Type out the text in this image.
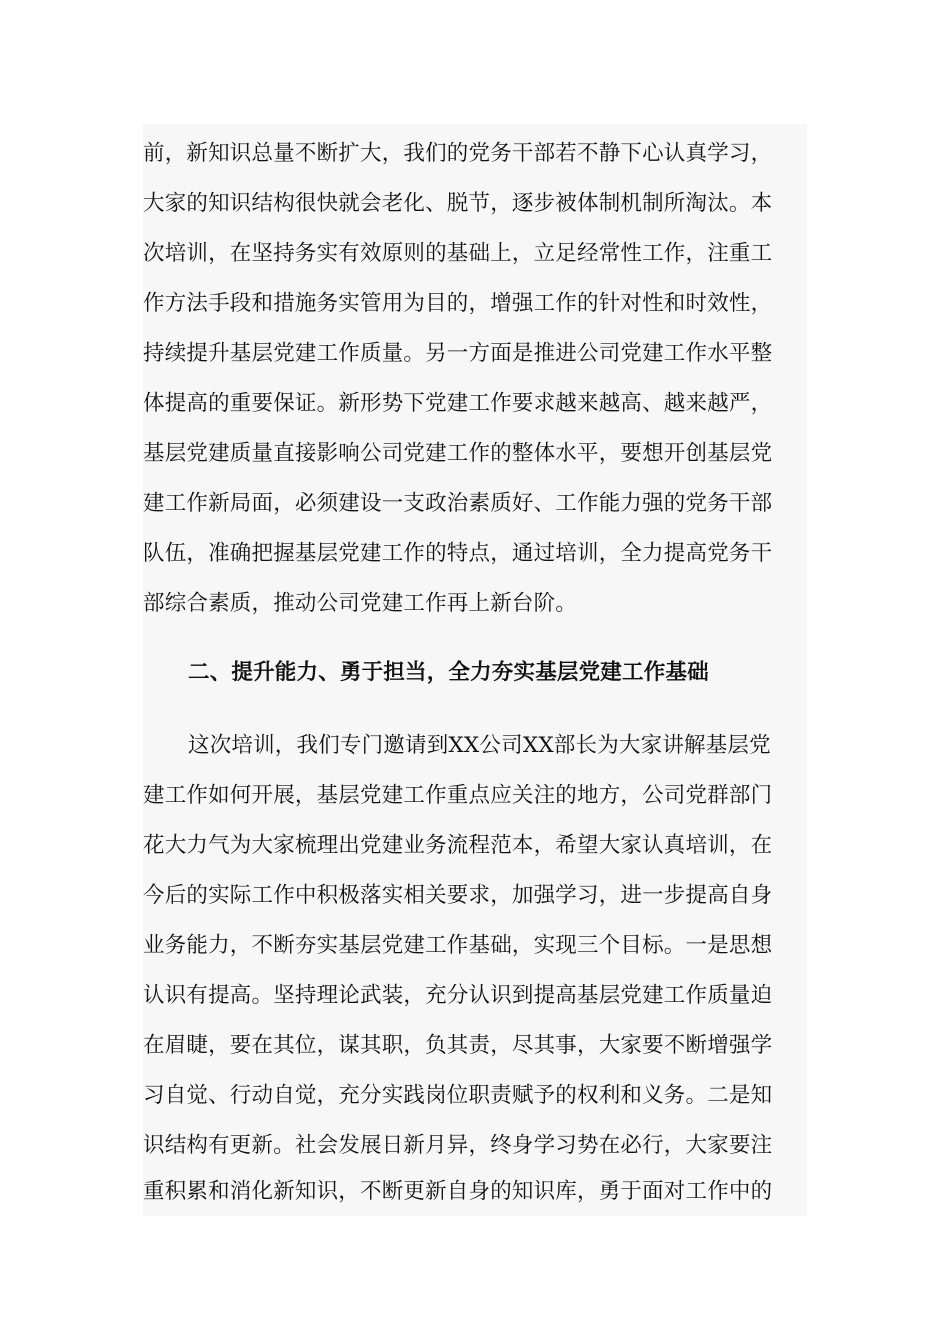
前，新知识总量不断扩大，我们的党务干部若不静下心认真学习，
大家的知识结构很快就会老化、脱节，逐步被体制机制所淘汰。本
次培训，在坚持务实有效原则的基础上，立足经常性工作，注重工
作方法手段和措施务实管用为目的，增强工作的针对性和时效性，
持续提升基层党建工作质量。另一方面是推进公司党建工作水平整
体提高的重要保证。新形势下党建工作要求越来越高、越来越严，
基层党建质量直接影响公司党建工作的整体水平，要想开创基层党
建工作新局面，必须建设一支政治素质好、工作能力强的党务干部
队伍，准确把握基层党建工作的特点，通过培训，全力提高党务干
部综合素质，推动公司党建工作再上新台阶。
二、提升能力、勇于担当，全力夯实基层党建工作基础
这次培训，我们专门邀请到XX公司XX部长为大家讲解基层党
建工作如何开展，基层党建工作重点应关注的地方，公司党群部门
花大力气为大家梳理出党建业务流程范本，希望大家认真培训，在
今后的实际工作中积极落实相关要求，加强学习，进一步提高自身
业务能力，不断夯实基层党建工作基础，实现三个目标。一是思想
认识有提高。坚持理论武装，充分认识到提高基层党建工作质量迫
在眉睫，要在其位，谋其职，负其责，尽其事，大家要不断增强学
习自觉、行动自觉，充分实践岗位职责赋予的权利和义务。二是知
识结构有更新。社会发展日新月异，终身学习势在必行，大家要注
重积累和消化新知识，不断更新自身的知识库，勇于面对工作中的
